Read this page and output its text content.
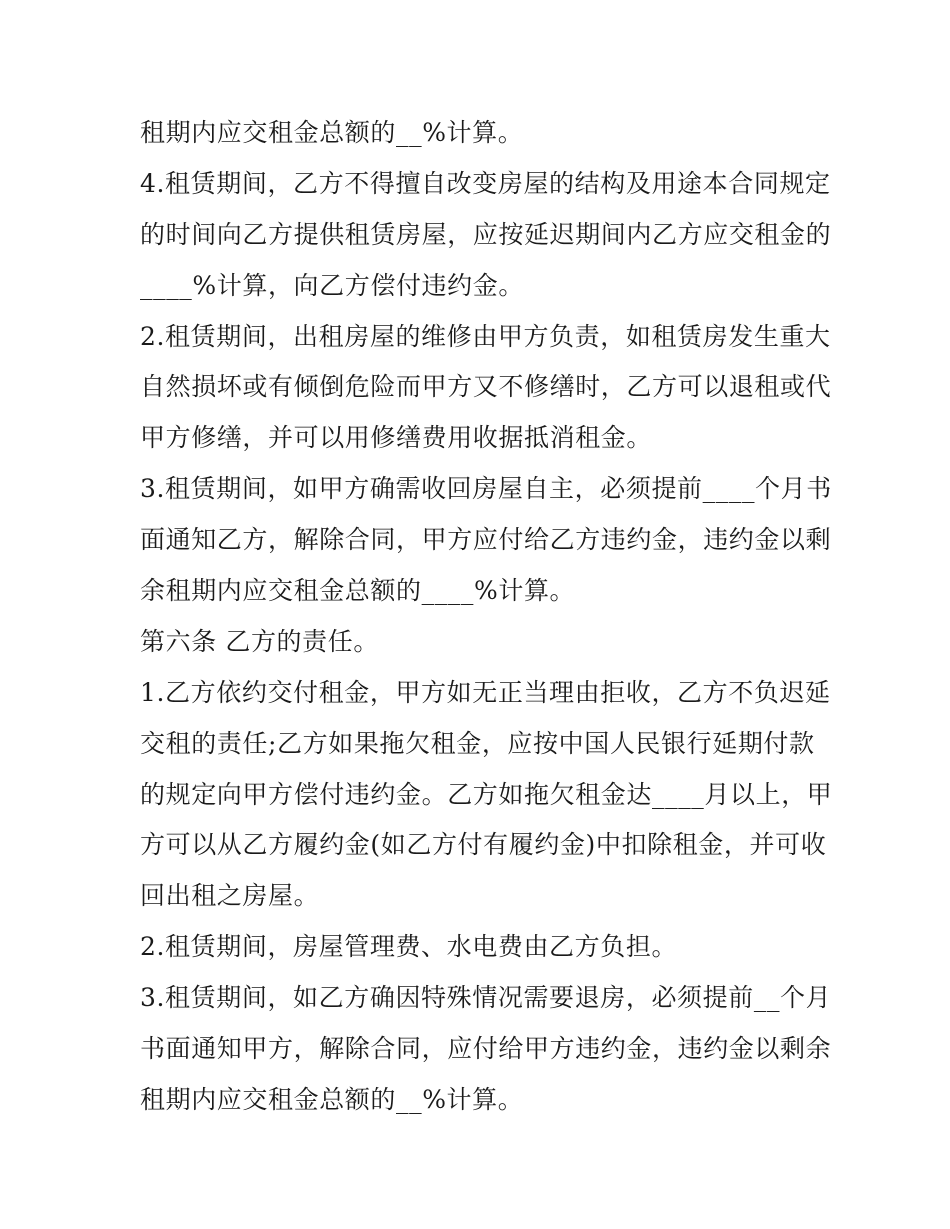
租期内应交租金总额的__%计算。
4.租赁期间，乙方不得擅自改变房屋的结构及用途本合同规定
的时间向乙方提供租赁房屋，应按延迟期间内乙方应交租金的
____%计算，向乙方偿付违约金。
2.租赁期间，出租房屋的维修由甲方负责，如租赁房发生重大
自然损坏或有倾倒危险而甲方又不修缮时，乙方可以退租或代
甲方修缮，并可以用修缮费用收据抵消租金。
3.租赁期间，如甲方确需收回房屋自主，必须提前____个月书
面通知乙方，解除合同，甲方应付给乙方违约金，违约金以剩
余租期内应交租金总额的____%计算。
第六条 乙方的责任。
1.乙方依约交付租金，甲方如无正当理由拒收，乙方不负迟延
交租的责任;乙方如果拖欠租金，应按中国人民银行延期付款
的规定向甲方偿付违约金。乙方如拖欠租金达____月以上，甲
方可以从乙方履约金(如乙方付有履约金)中扣除租金，并可收
回出租之房屋。
2.租赁期间，房屋管理费、水电费由乙方负担。
3.租赁期间，如乙方确因特殊情况需要退房，必须提前__个月
书面通知甲方，解除合同，应付给甲方违约金，违约金以剩余
租期内应交租金总额的__%计算。
